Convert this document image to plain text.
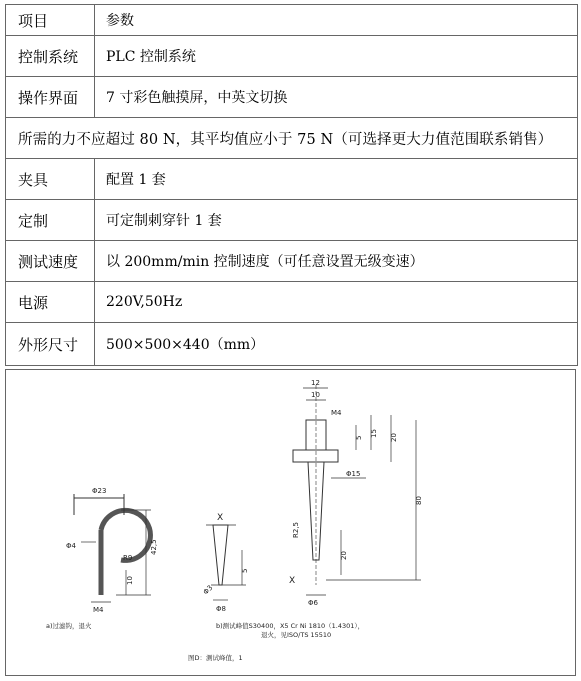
项目	参数
控制系统	PLC 控制系统
操作界面	7 寸彩色触摸屏，中英文切换
所需的力不应超过 80 N，其平均值应小于 75 N（可选择更大力值范围联系销售）
夹具	配置 1 套
定制	可定制刺穿针 1 套
测试速度	以 200mm/min 控制速度（可任意设置无级变速）
电源	220V,50Hz
外形尺寸	500×500×440（mm）
Φ23
Φ4
R9
42,5
10
M4
X
Φ3
5
Φ8
12
10
M4
5 15 20
Φ15
R2,5
80
20
Φ6
X
a)过滤钩，退火	b)测试峰值S30400，X5 Cr Ni 1810（1.4301），
退火，见ISO/TS 15510
图D：测试峰值，1
